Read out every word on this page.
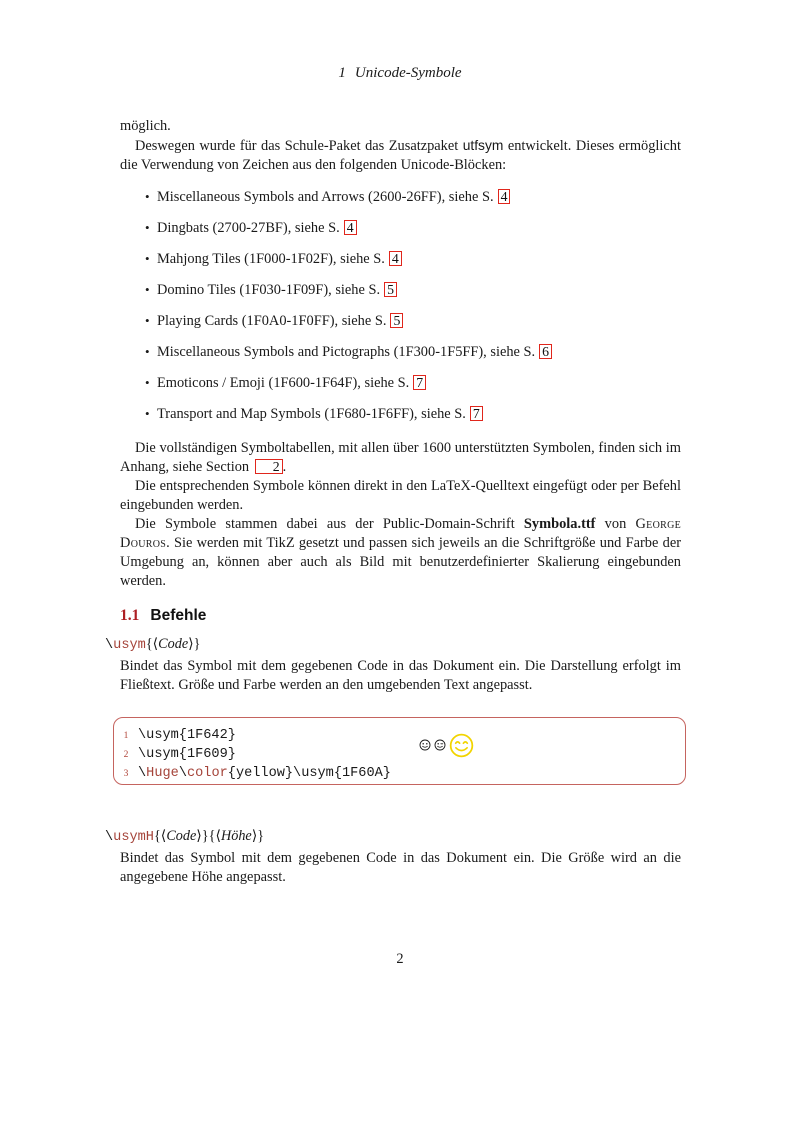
1 Unicode-Symbole

möglich.

Deswegen wurde für das Schule-Paket das Zusatzpaket utfsym entwickelt. Dieses ermöglicht die Verwendung von Zeichen aus den folgenden Unicode-Blöcken:

• Miscellaneous Symbols and Arrows (2600-26FF), siehe S. 4
• Dingbats (2700-27BF), siehe S. 4
• Mahjong Tiles (1F000-1F02F), siehe S. 4
• Domino Tiles (1F030-1F09F), siehe S. 5
• Playing Cards (1F0A0-1F0FF), siehe S. 5
• Miscellaneous Symbols and Pictographs (1F300-1F5FF), siehe S. 6
• Emoticons / Emoji (1F600-1F64F), siehe S. 7
• Transport and Map Symbols (1F680-1F6FF), siehe S. 7

Die vollständigen Symboltabellen, mit allen über 1600 unterstützten Symbolen, finden sich im Anhang, siehe Section 2 .

Die entsprechenden Symbole können direkt in den LaTeX-Quelltext eingefügt oder per Befehl eingebunden werden.

Die Symbole stammen dabei aus der Public-Domain-Schrift Symbola.ttf von George Douros. Sie werden mit TikZ gesetzt und passen sich jeweils an die Schriftgröße und Farbe der Umgebung an, können aber auch als Bild mit benutzerdefinierter Skalierung eingebunden werden.

1.1 Befehle
\usym{⟨Code⟩}
Bindet das Symbol mit dem gegebenen Code in das Dokument ein. Die Darstellung erfolgt im Fließtext. Größe und Farbe werden an den umgebenden Text angepasst.
1 \usym{1F642}
2 \usym{1F609}
3 \Huge\color{yellow}\usym{1F60A}
\usymH{⟨Code⟩}{⟨Höhe⟩}
Bindet das Symbol mit dem gegebenen Code in das Dokument ein. Die Größe wird an die angegebene Höhe angepasst.
2
